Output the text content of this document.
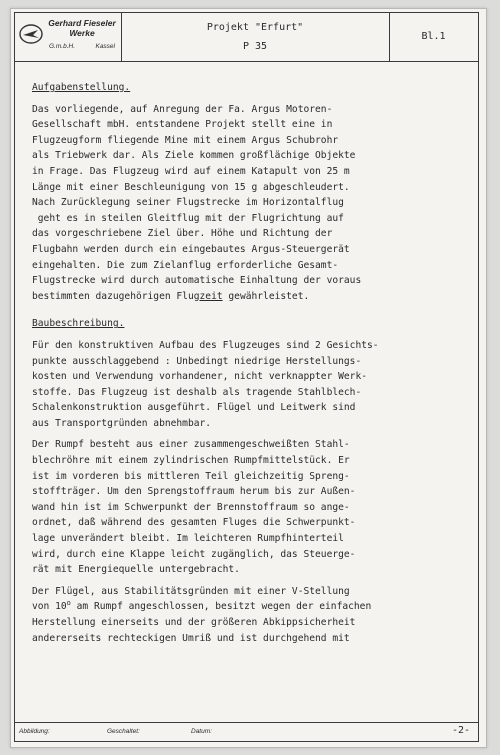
Gerhard Fieseler
Werke
G.m.b.H.	Kassel
Projekt "Erfurt"
P 35
Bl.1
Abbildung:	Geschaltet:	Datum:	-2-

Aufgabenstellung.

Das vorliegende, auf Anregung der Fa. Argus Motoren-
Gesellschaft mbH. entstandene Projekt stellt eine in
Flugzeugform fliegende Mine mit einem Argus Schubrohr
als Triebwerk dar. Als Ziele kommen großflächige Objekte
in Frage. Das Flugzeug wird auf einem Katapult von 25 m
Länge mit einer Beschleunigung von 15 g abgeschleudert.
Nach Zurücklegung seiner Flugstrecke im Horizontalflug
geht es in steilen Gleitflug mit der Flugrichtung auf
das vorgeschriebene Ziel über. Höhe und Richtung der
Flugbahn werden durch ein eingebautes Argus-Steuergerät
eingehalten. Die zum Zielanflug erforderliche Gesamt-
Flugstrecke wird durch automatische Einhaltung der voraus
bestimmten dazugehörigen Flugzeit gewährleistet.

Baubeschreibung.

Für den konstruktiven Aufbau des Flugzeuges sind 2 Gesichts-
punkte ausschlaggebend : Unbedingt niedrige Herstellungs-
kosten und Verwendung vorhandener, nicht verknappter Werk-
stoffe. Das Flugzeug ist deshalb als tragende Stahlblech-
Schalenkonstruktion ausgeführt. Flügel und Leitwerk sind
aus Transportgründen abnehmbar.
Der Rumpf besteht aus einer zusammengeschweißten Stahl-
blechröhre mit einem zylindrischen Rumpfmittelstück. Er
ist im vorderen bis mittleren Teil gleichzeitig Spreng-
stoffträger. Um den Sprengstoffraum herum bis zur Außen-
wand hin ist im Schwerpunkt der Brennstoffraum so ange-
ordnet, daß während des gesamten Fluges die Schwerpunkt-
lage unverändert bleibt. Im leichteren Rumpfhinterteil
wird, durch eine Klappe leicht zugänglich, das Steuerge-
rät mit Energiequelle untergebracht.
Der Flügel, aus Stabilitätsgründen mit einer V-Stellung
von 10$^o$ am Rumpf angeschlossen, besitzt wegen der einfachen
Herstellung einerseits und der größeren Abkippsicherheit
andererseits rechteckigen Umriß und ist durchgehend mit
